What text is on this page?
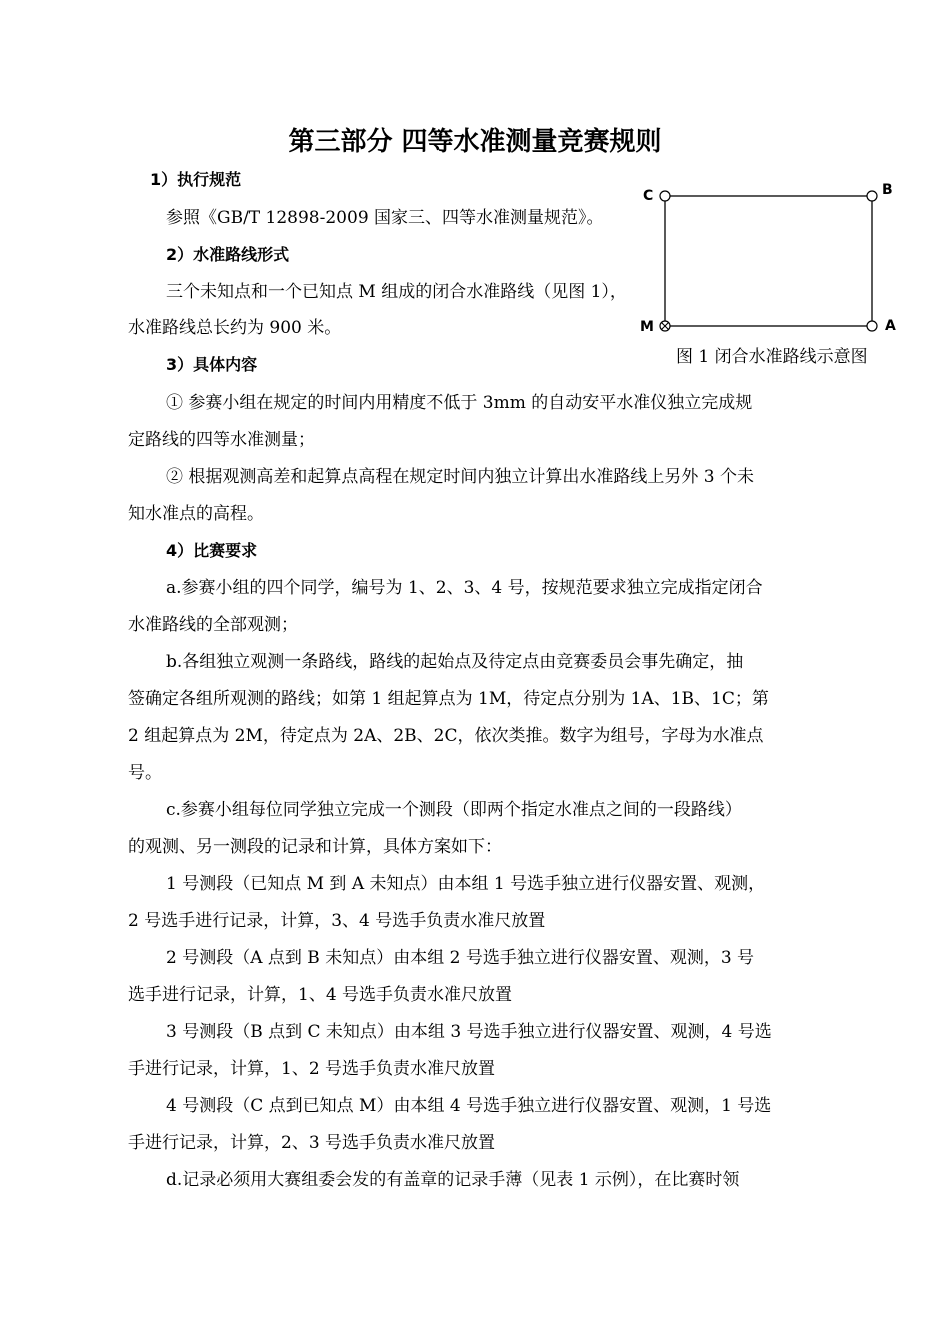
第三部分 四等水准测量竞赛规则
C	B
M	A
图 1 闭合水准路线示意图
1）执行规范
参照《GB/T 12898-2009 国家三、四等水准测量规范》。
2）水准路线形式
三个未知点和一个已知点 M 组成的闭合水准路线（见图 1），
水准路线总长约为 900 米。
3）具体内容
① 参赛小组在规定的时间内用精度不低于 3mm 的自动安平水准仪独立完成规
定路线的四等水准测量；
② 根据观测高差和起算点高程在规定时间内独立计算出水准路线上另外 3 个未
知水准点的高程。
4）比赛要求
a.参赛小组的四个同学，编号为 1、2、3、4 号，按规范要求独立完成指定闭合
水准路线的全部观测；
b.各组独立观测一条路线，路线的起始点及待定点由竞赛委员会事先确定，抽
签确定各组所观测的路线；如第 1 组起算点为 1M，待定点分别为 1A、1B、1C；第
2 组起算点为 2M，待定点为 2A、2B、2C，依次类推。数字为组号，字母为水准点
号。
c.参赛小组每位同学独立完成一个测段（即两个指定水准点之间的一段路线）
的观测、另一测段的记录和计算，具体方案如下：
1 号测段（已知点 M 到 A 未知点）由本组 1 号选手独立进行仪器安置、观测，
2 号选手进行记录，计算，3、4 号选手负责水准尺放置
2 号测段（A 点到 B 未知点）由本组 2 号选手独立进行仪器安置、观测，3 号
选手进行记录，计算，1、4 号选手负责水准尺放置
3 号测段（B 点到 C 未知点）由本组 3 号选手独立进行仪器安置、观测，4 号选
手进行记录，计算，1、2 号选手负责水准尺放置
4 号测段（C 点到已知点 M）由本组 4 号选手独立进行仪器安置、观测，1 号选
手进行记录，计算，2、3 号选手负责水准尺放置
d.记录必须用大赛组委会发的有盖章的记录手薄（见表 1 示例），在比赛时领
